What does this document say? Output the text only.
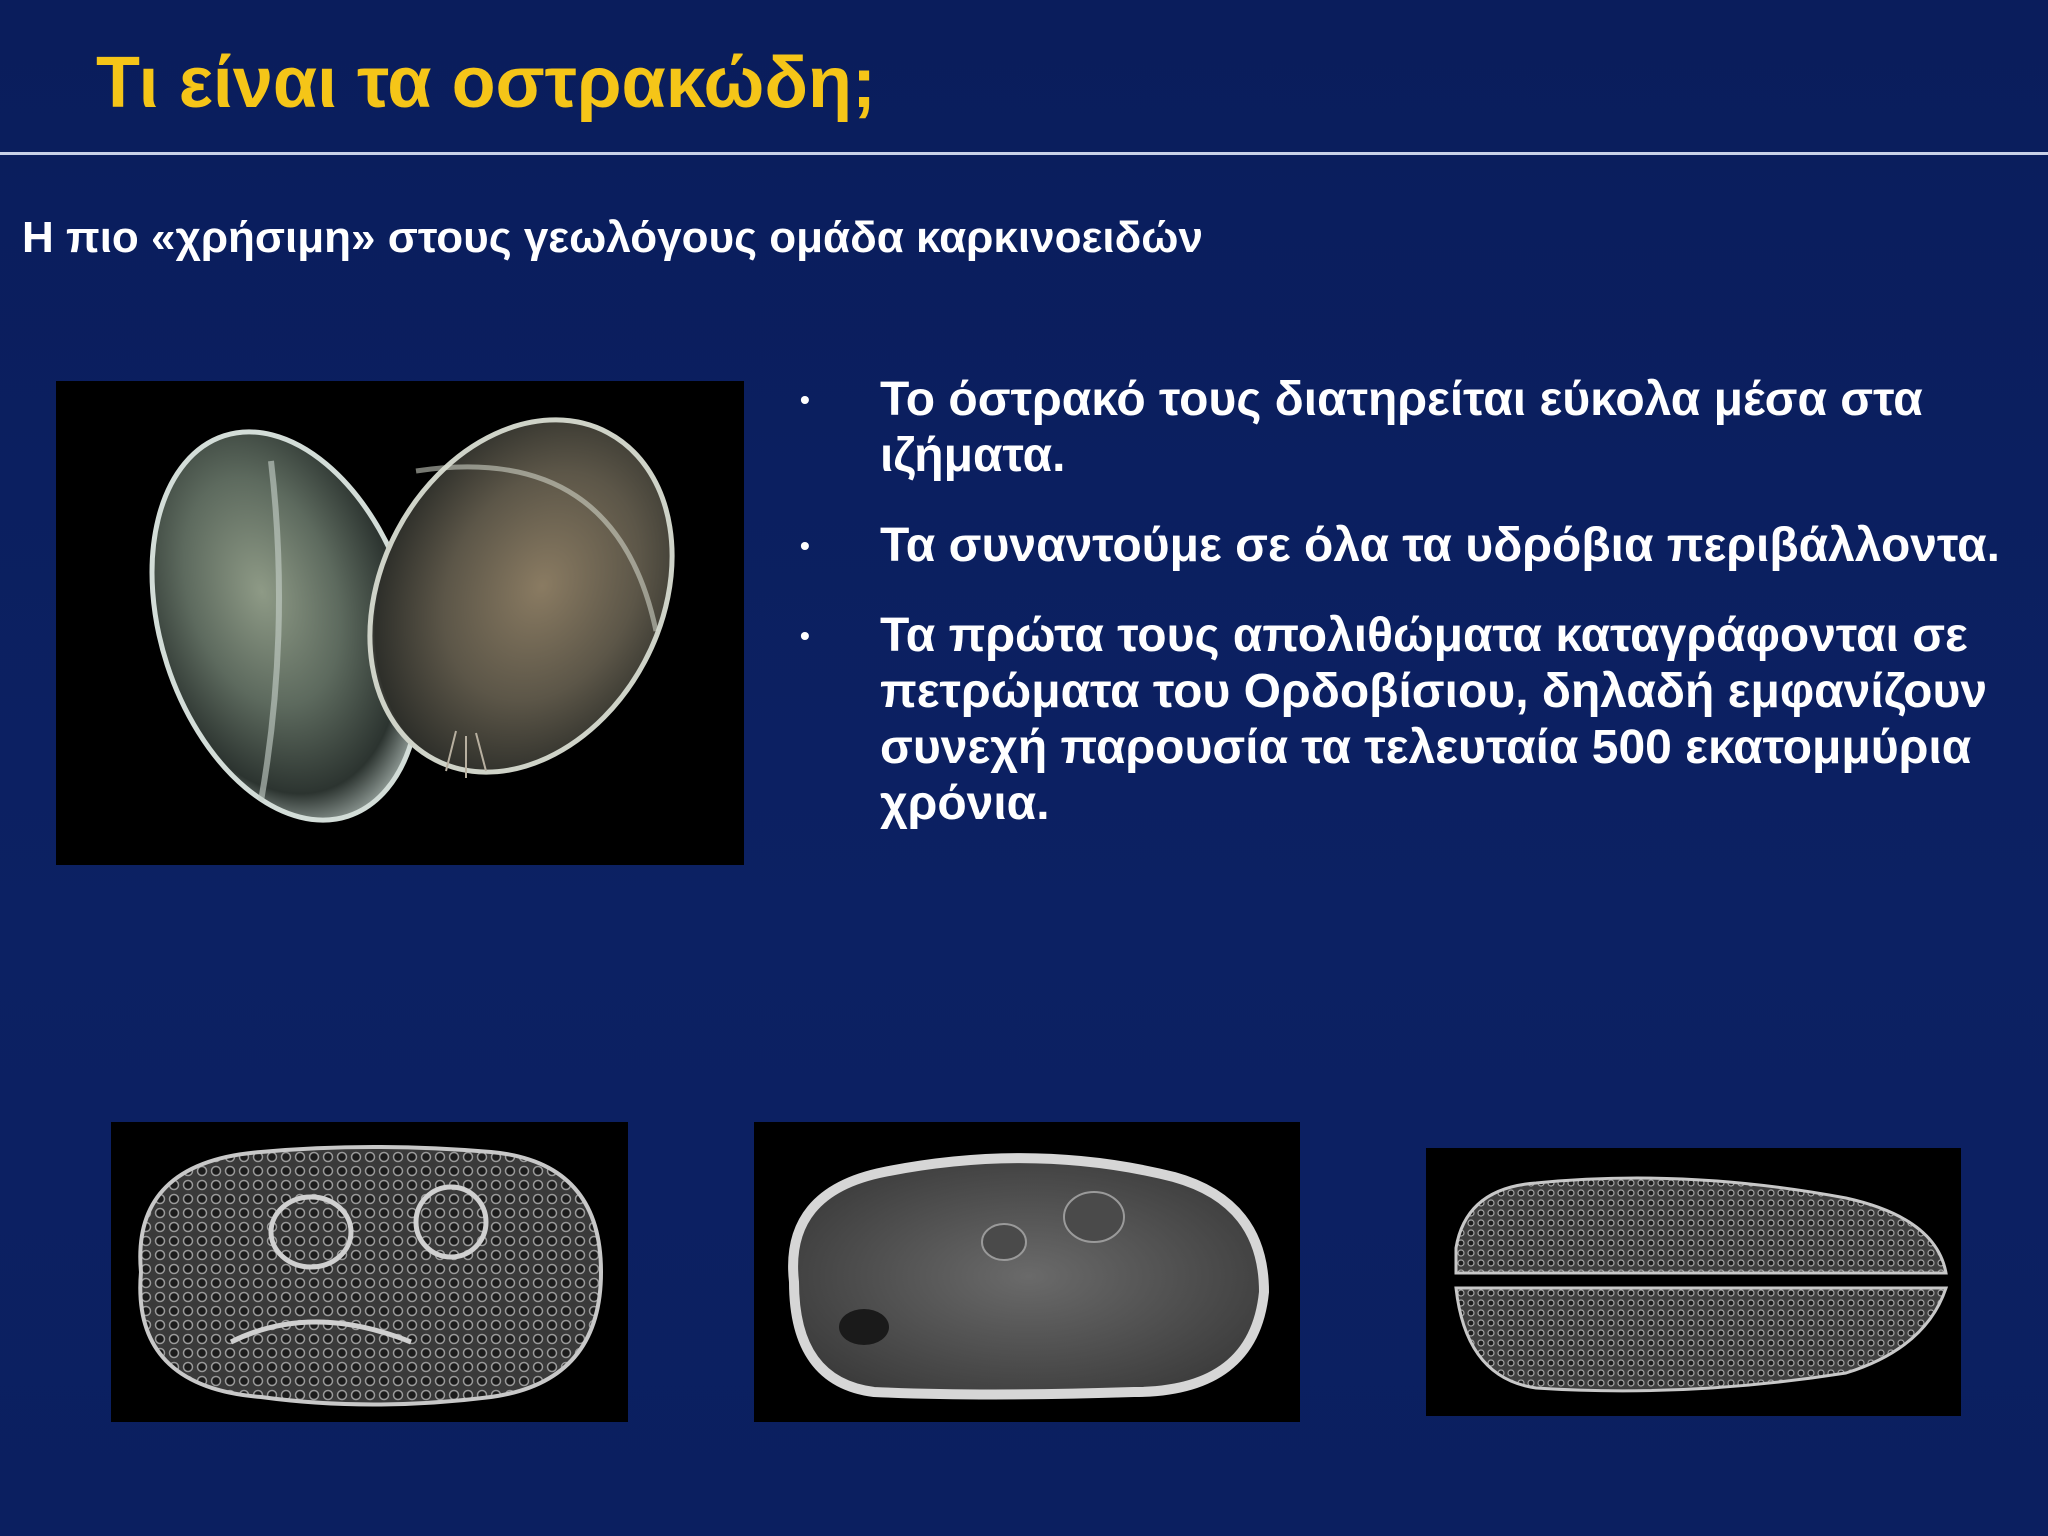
Τι είναι τα οστρακώδη;
Η πιο «χρήσιμη» στους γεωλόγους ομάδα καρκινοειδών
• Το όστρακό τους διατηρείται εύκολα μέσα στα ιζήματα.
• Τα συναντούμε σε όλα τα υδρόβια περιβάλλοντα.
• Τα πρώτα τους απολιθώματα καταγράφονται σε πετρώματα του Ορδοβίσιου, δηλαδή εμφανίζουν συνεχή παρουσία τα τελευταία 500 εκατομμύρια χρόνια.
